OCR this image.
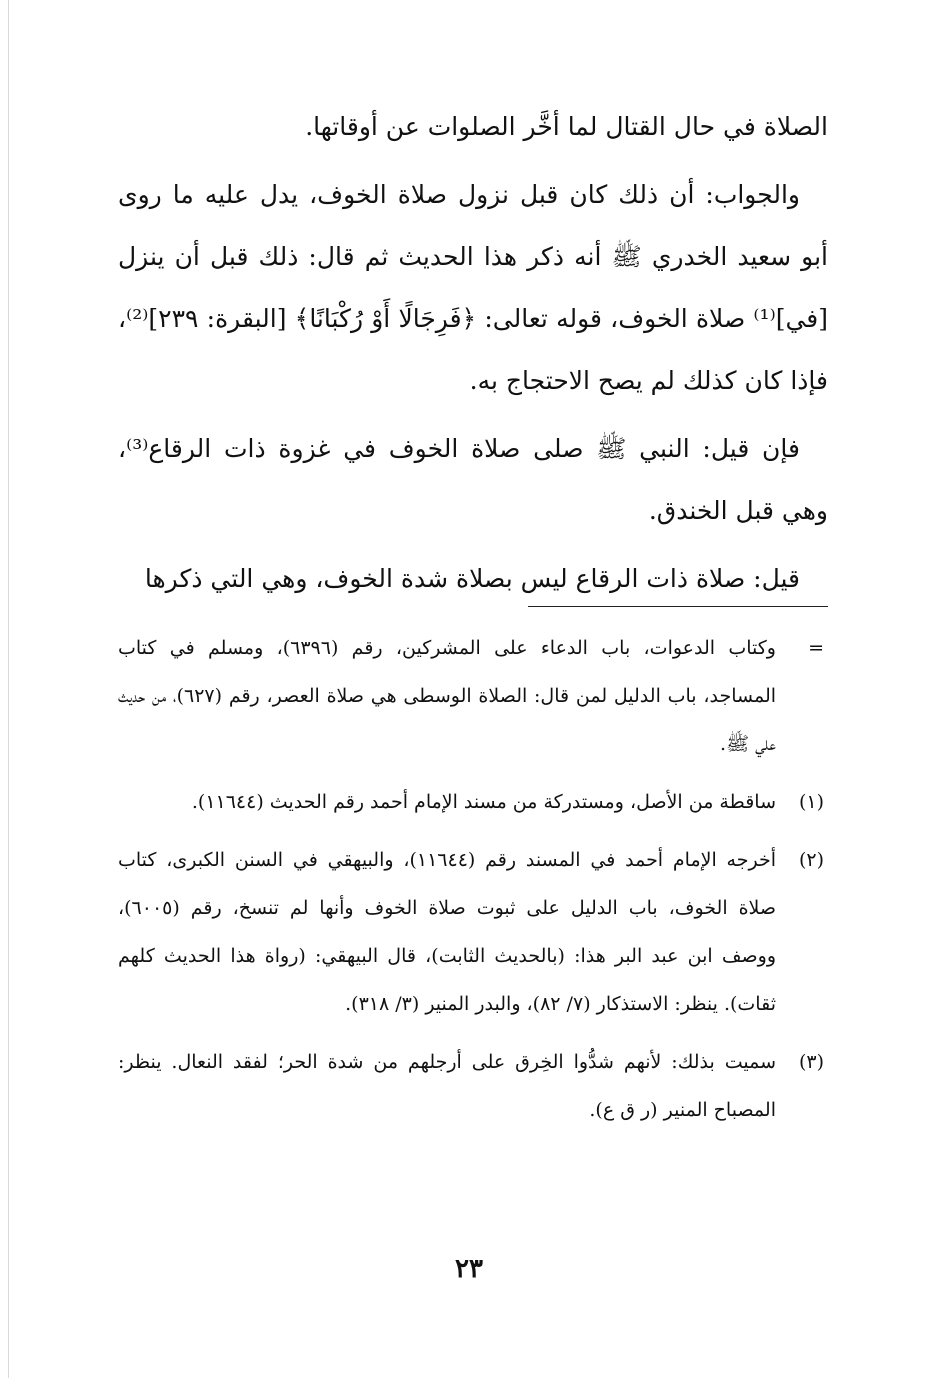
الصلاة في حال القتال لما أخَّر الصلوات عن أوقاتها.

والجواب: أن ذلك كان قبل نزول صلاة الخوف، يدل عليه ما روى أبو سعيد الخدري ﷺ أنه ذكر هذا الحديث ثم قال: ذلك قبل أن ينزل [في]⁽¹⁾ صلاة الخوف، قوله تعالى: ﴿فَرِجَالًا أَوْ رُكْبَانًا﴾ [البقرة: ٢٣٩]⁽²⁾، فإذا كان كذلك لم يصح الاحتجاج به.

فإن قيل: النبي ﷺ صلى صلاة الخوف في غزوة ذات الرقاع⁽³⁾، وهي قبل الخندق.

قيل: صلاة ذات الرقاع ليس بصلاة شدة الخوف، وهي التي ذكرها

=
وكتاب الدعوات، باب الدعاء على المشركين، رقم (٦٣٩٦)، ومسلم في كتاب المساجد، باب الدليل لمن قال: الصلاة الوسطى هي صلاة العصر، رقم (٦٢٧)، من حديث علي ﷺ.
(١)
ساقطة من الأصل، ومستدركة من مسند الإمام أحمد رقم الحديث (١١٦٤٤).
(٢)
أخرجه الإمام أحمد في المسند رقم (١١٦٤٤)، والبيهقي في السنن الكبرى، كتاب صلاة الخوف، باب الدليل على ثبوت صلاة الخوف وأنها لم تنسخ، رقم (٦٠٠٥)، ووصف ابن عبد البر هذا: (بالحديث الثابت)، قال البيهقي: (رواة هذا الحديث كلهم ثقات). ينظر: الاستذكار (٧/ ٨٢)، والبدر المنير (٣/ ٣١٨).
(٣)
سميت بذلك: لأنهم شدُّوا الخِرق على أرجلهم من شدة الحر؛ لفقد النعال. ينظر: المصباح المنير (ر ق ع).
٢٣
